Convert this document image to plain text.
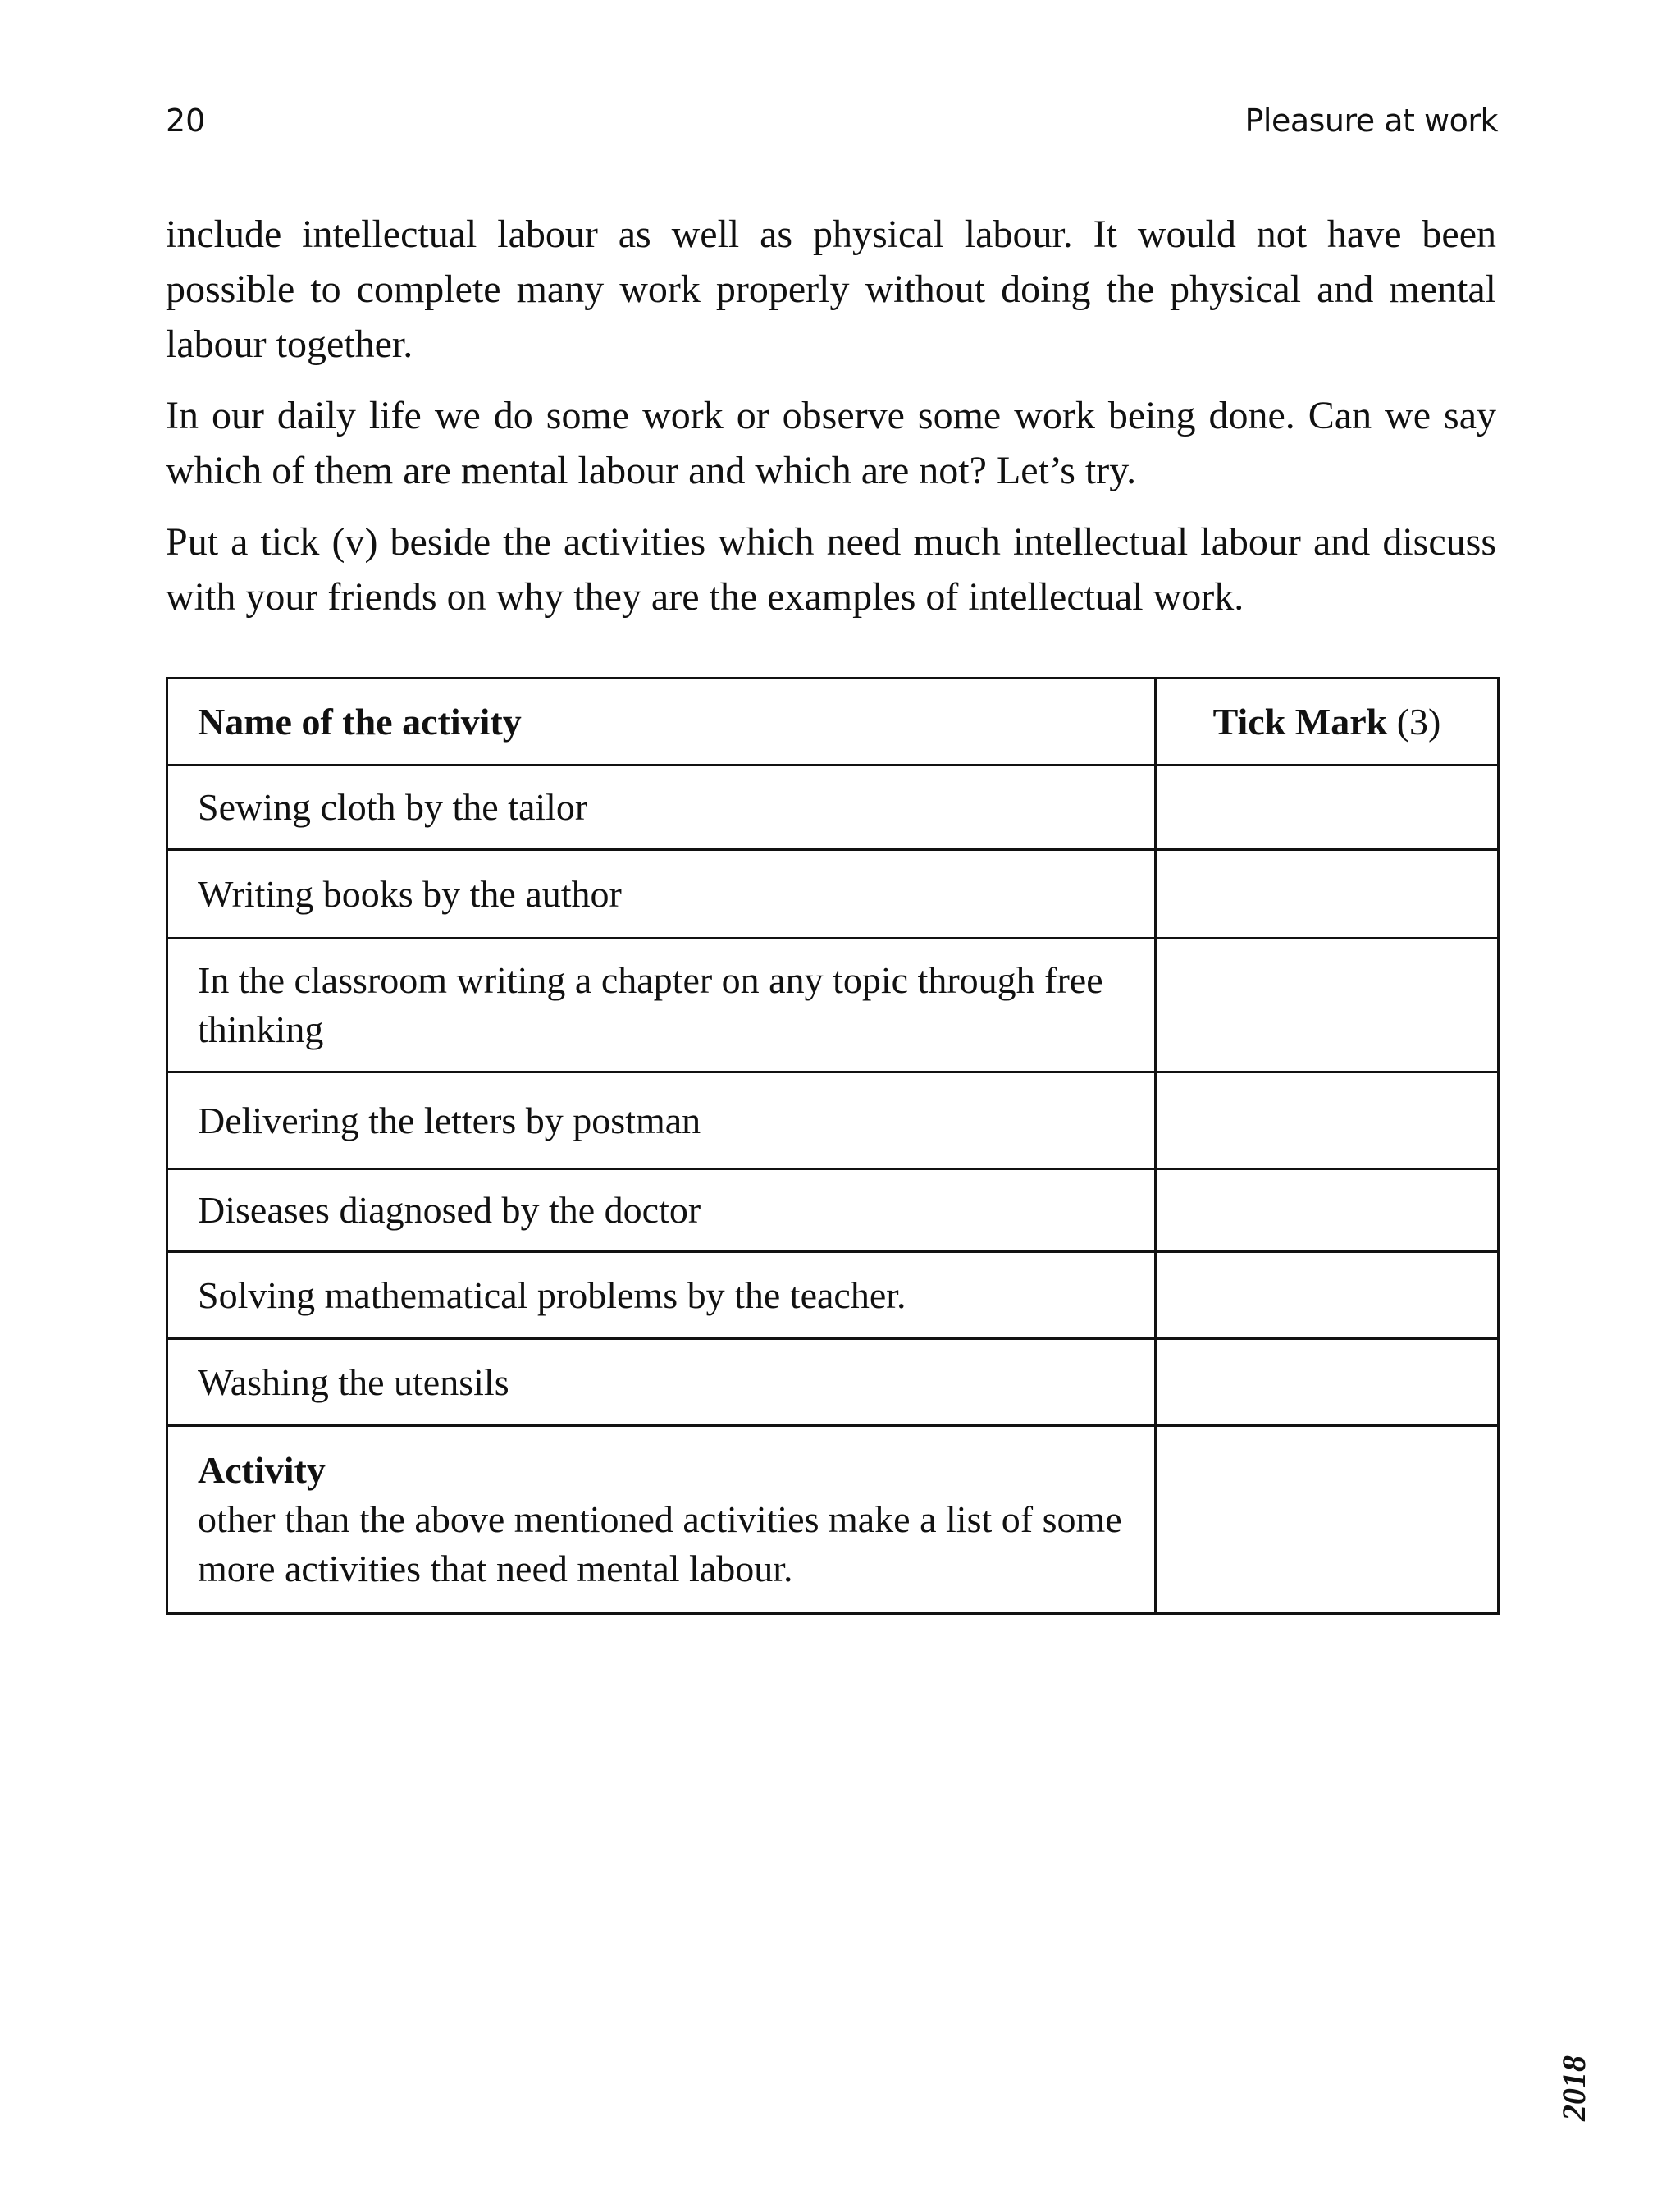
20	Pleasure at work

include intellectual labour as well as physical labour. It would not have been possible to complete many work properly without doing the physical and mental labour together.

In our daily life we do some work or observe some work being done. Can we say which of them are mental labour and which are not? Let’s try.

Put a tick (v) beside the activities which need much intellectual labour and discuss with your friends on why they are the examples of intellectual work.

Name of the activity	Tick Mark (3)
Sewing cloth by the tailor	
Writing books by the author	
In the classroom writing a chapter on any topic through free thinking	
Delivering the letters by postman	
Diseases diagnosed by the doctor	
Solving mathematical problems by the teacher.	
Washing the utensils	

Activity
other than the above mentioned activities make a list of some more activities that need mental labour.	
2018
